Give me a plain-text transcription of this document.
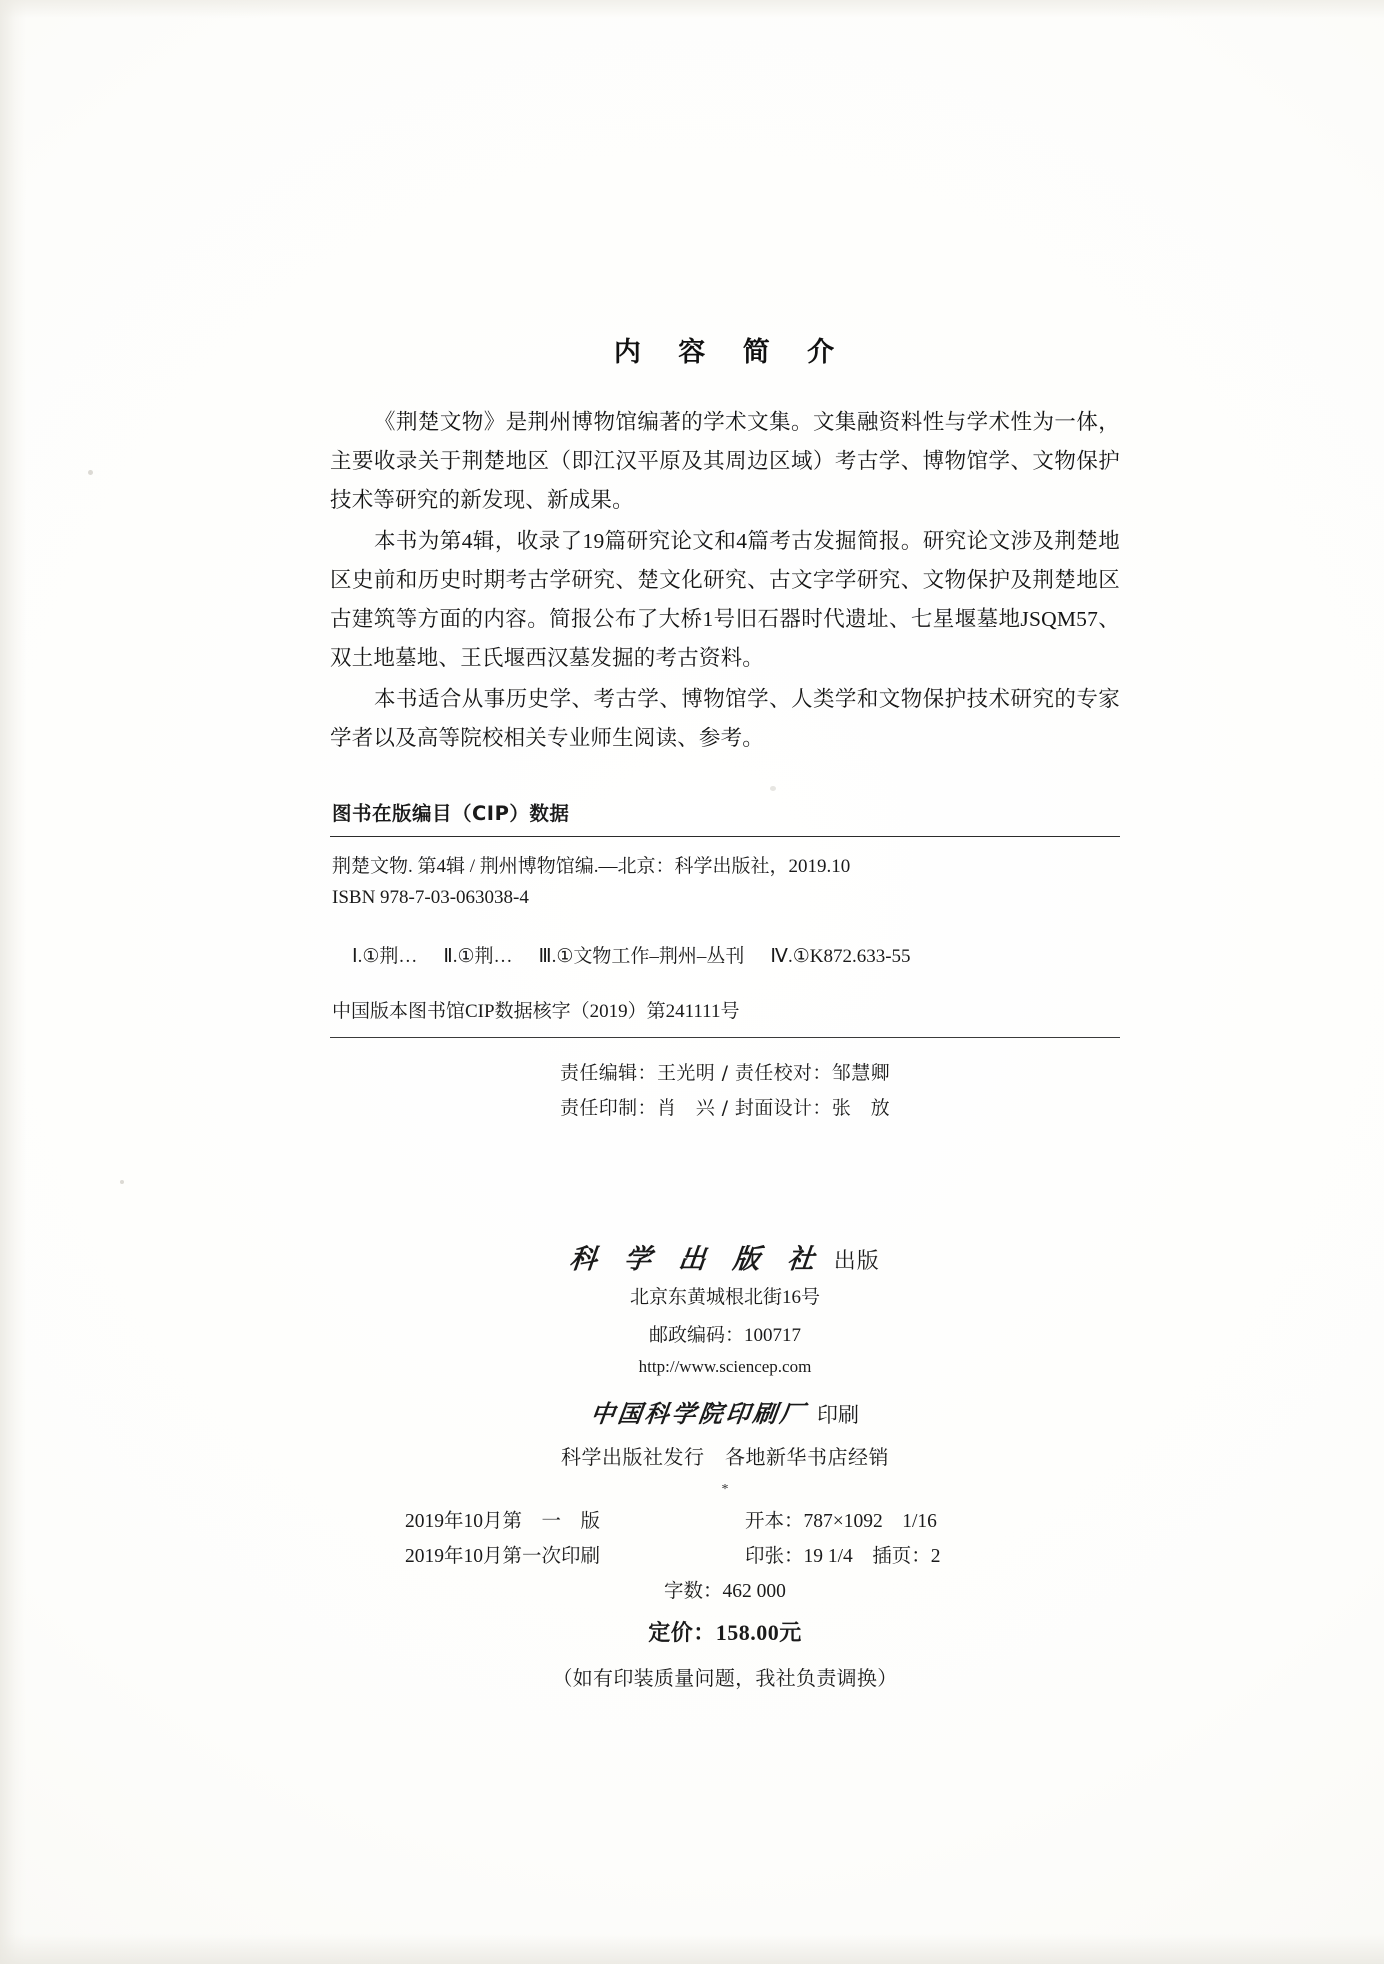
内 容 简 介

《荆楚文物》是荆州博物馆编著的学术文集。文集融资料性与学术性为一体，主要收录关于荆楚地区（即江汉平原及其周边区域）考古学、博物馆学、文物保护技术等研究的新发现、新成果。

本书为第4辑，收录了19篇研究论文和4篇考古发掘简报。研究论文涉及荆楚地区史前和历史时期考古学研究、楚文化研究、古文字学研究、文物保护及荆楚地区古建筑等方面的内容。简报公布了大桥1号旧石器时代遗址、七星堰墓地JSQM57、双土地墓地、王氏堰西汉墓发掘的考古资料。

本书适合从事历史学、考古学、博物馆学、人类学和文物保护技术研究的专家学者以及高等院校相关专业师生阅读、参考。

图书在版编目（CIP）数据
荆楚文物. 第4辑 / 荆州博物馆编.—北京：科学出版社，2019.10
ISBN 978-7-03-063038-4
Ⅰ.①荆… Ⅱ.①荆… Ⅲ.①文物工作–荆州–丛刊 Ⅳ.①K872.633-55
中国版本图书馆CIP数据核字（2019）第241111号
责任编辑：王光明 / 责任校对：邹慧卿
责任印制：肖　兴 / 封面设计：张　放
科 学 出 版 社 出版
北京东黄城根北街16号
邮政编码：100717
http://www.sciencep.com
中国科学院印刷厂 印刷
科学出版社发行　各地新华书店经销
*
2019年10月第　一　版	开本：787×1092　1/16
2019年10月第一次印刷	印张：19 1/4　插页：2
字数：462 000
定价：158.00元
（如有印装质量问题，我社负责调换）
